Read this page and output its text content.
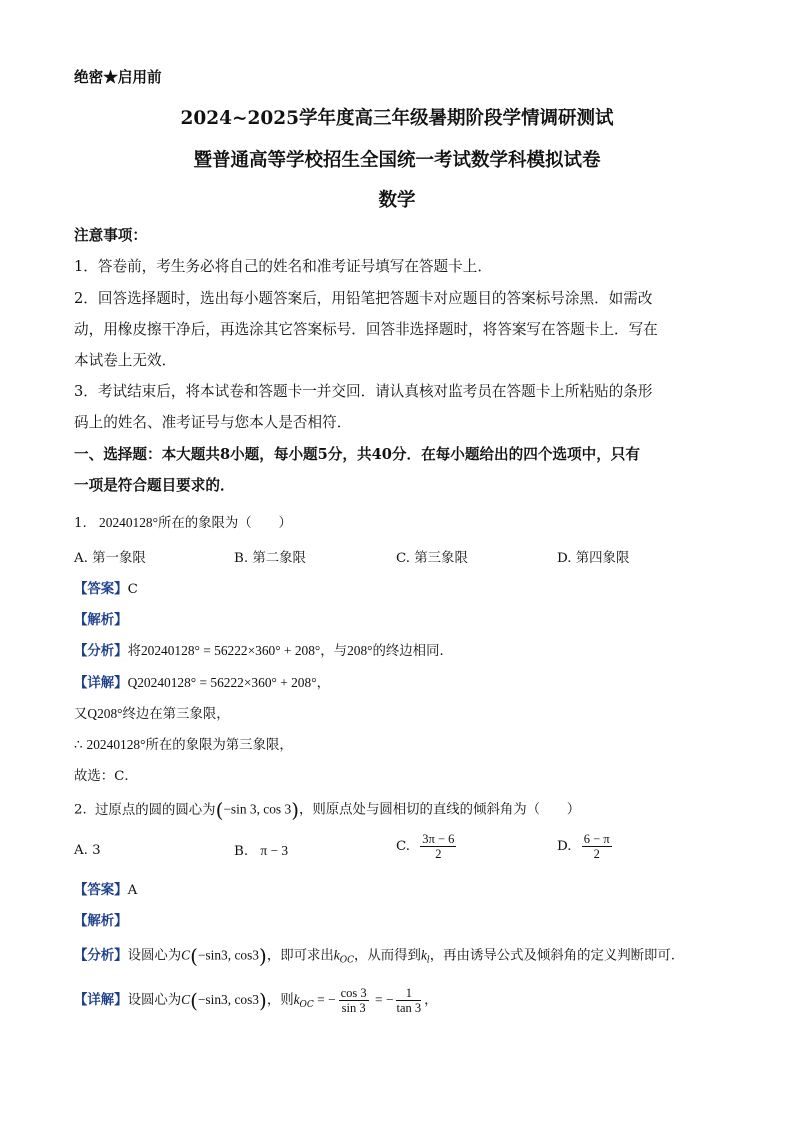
绝密★启用前
2024~2025学年度高三年级暑期阶段学情调研测试
暨普通高等学校招生全国统一考试数学科模拟试卷
数学
注意事项：
1．答卷前，考生务必将自己的姓名和准考证号填写在答题卡上．
2．回答选择题时，选出每小题答案后，用铅笔把答题卡对应题目的答案标号涂黑．如需改
动，用橡皮擦干净后，再选涂其它答案标号．回答非选择题时，将答案写在答题卡上．写在
本试卷上无效．
3．考试结束后，将本试卷和答题卡一并交回．请认真核对监考员在答题卡上所粘贴的条形
码上的姓名、准考证号与您本人是否相符．
一、选择题：本大题共8小题，每小题5分，共40分．在每小题给出的四个选项中，只有
一项是符合题目要求的．
1. 20240128°所在的象限为（　　）
A. 第一象限	B. 第二象限	C. 第三象限	D. 第四象限
【答案】C
【解析】
【分析】将20240128° = 56222×360° + 208°，与208°的终边相同．
【详解】Q20240128° = 56222×360° + 208°，
又Q208°终边在第三象限，
∴ 20240128°所在的象限为第三象限，
故选：C．
2. 过原点的圆的圆心为(−sin 3, cos 3)，则原点处与圆相切的直线的倾斜角为（　　）
A. 3	B. π − 3	C. $\frac{3\pi - 6}{2}$	D. $\frac{6 - \pi}{2}$
【答案】A
【解析】
【分析】设圆心为C(−sin3, cos3)，即可求出$k_{OC}$，从而得到$k_l$，再由诱导公式及倾斜角的定义判断即可.
【详解】设圆心为C(−sin3, cos3)，则$k_{OC}$ = − $\frac{\cos 3}{\sin 3}$ = − $\frac{1}{\tan 3}$ ，
